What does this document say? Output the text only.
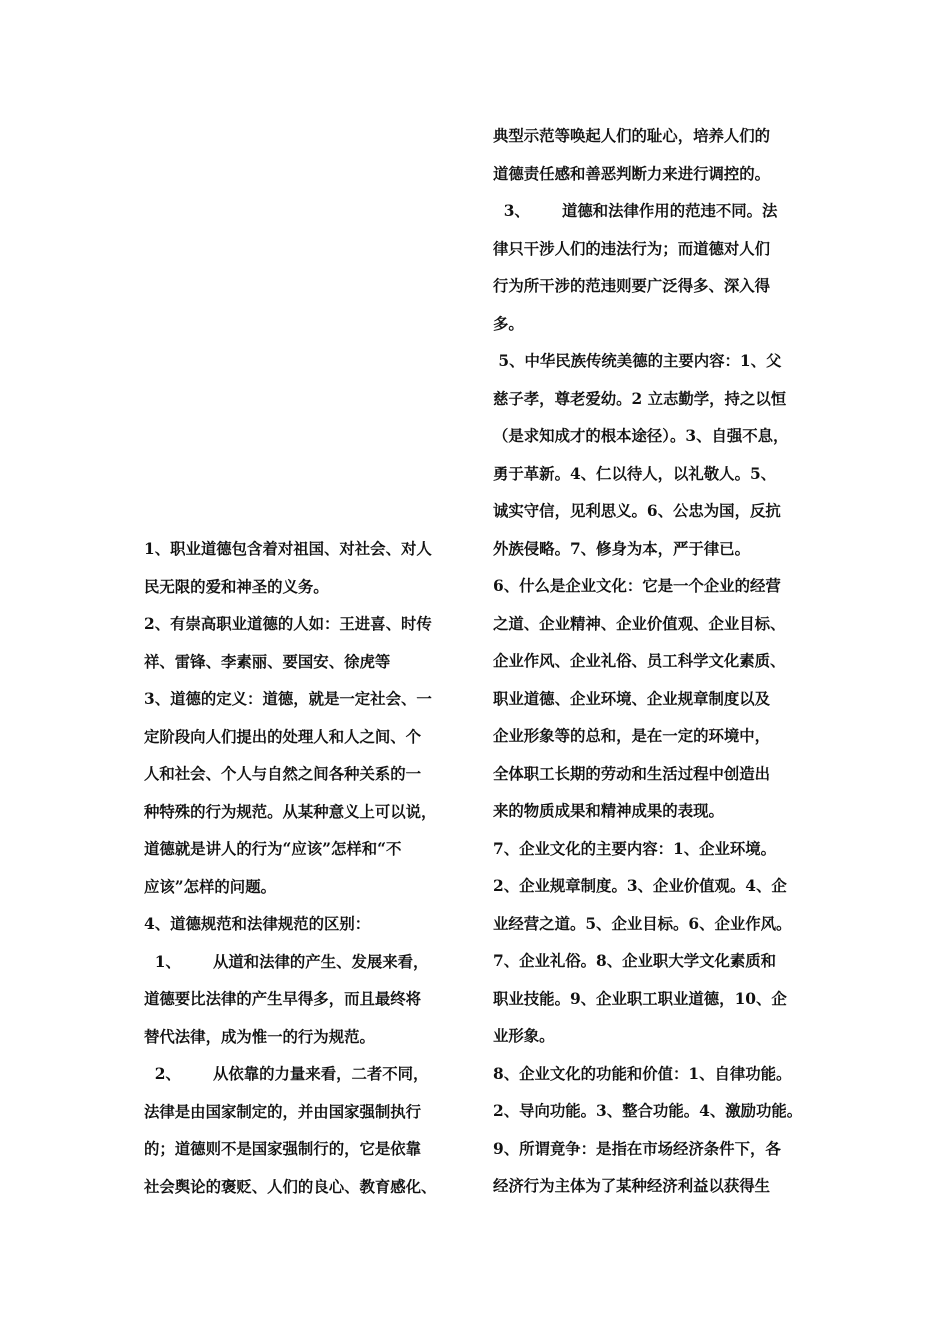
1、职业道德包含着对祖国、对社会、对人
民无限的爱和神圣的义务。
2、有崇高职业道德的人如：王进喜、时传
祥、雷锋、李素丽、要国安、徐虎等
3、道德的定义：道德，就是一定社会、一
定阶段向人们提出的处理人和人之间、个
人和社会、个人与自然之间各种关系的一
种特殊的行为规范。从某种意义上可以说，
道德就是讲人的行为“应该”怎样和“不
应该”怎样的问题。
4、道德规范和法律规范的区别：
1、      从道和法律的产生、发展来看，
道德要比法律的产生早得多，而且最终将
替代法律，成为惟一的行为规范。
2、      从依靠的力量来看，二者不同，
法律是由国家制定的，并由国家强制执行
的；道德则不是国家强制行的，它是依靠
社会舆论的褒贬、人们的良心、教育感化、
典型示范等唤起人们的耻心，培养人们的
道德责任感和善恶判断力来进行调控的。
3、      道德和法律作用的范违不同。法
律只干涉人们的违法行为；而道德对人们
行为所干涉的范违则要广泛得多、深入得
多。
5、中华民族传统美德的主要内容：1、父
慈子孝，尊老爱幼。2 立志勤学，持之以恒
（是求知成才的根本途径）。3、自强不息，
勇于革新。4、仁以待人，以礼敬人。5、
诚实守信，见利思义。6、公忠为国，反抗
外族侵略。7、修身为本，严于律已。
6、什么是企业文化：它是一个企业的经营
之道、企业精神、企业价值观、企业目标、
企业作风、企业礼俗、员工科学文化素质、
职业道德、企业环境、企业规章制度以及
企业形象等的总和，是在一定的环境中，
全体职工长期的劳动和生活过程中创造出
来的物质成果和精神成果的表现。
7、企业文化的主要内容：1、企业环境。
2、企业规章制度。3、企业价值观。4、企
业经营之道。5、企业目标。6、企业作风。
7、企业礼俗。8、企业职大学文化素质和
职业技能。9、企业职工职业道德，10、企
业形象。
8、企业文化的功能和价值：1、自律功能。
2、导向功能。3、整合功能。4、激励功能。
9、所谓竟争：是指在市场经济条件下，各
经济行为主体为了某种经济利益以获得生
